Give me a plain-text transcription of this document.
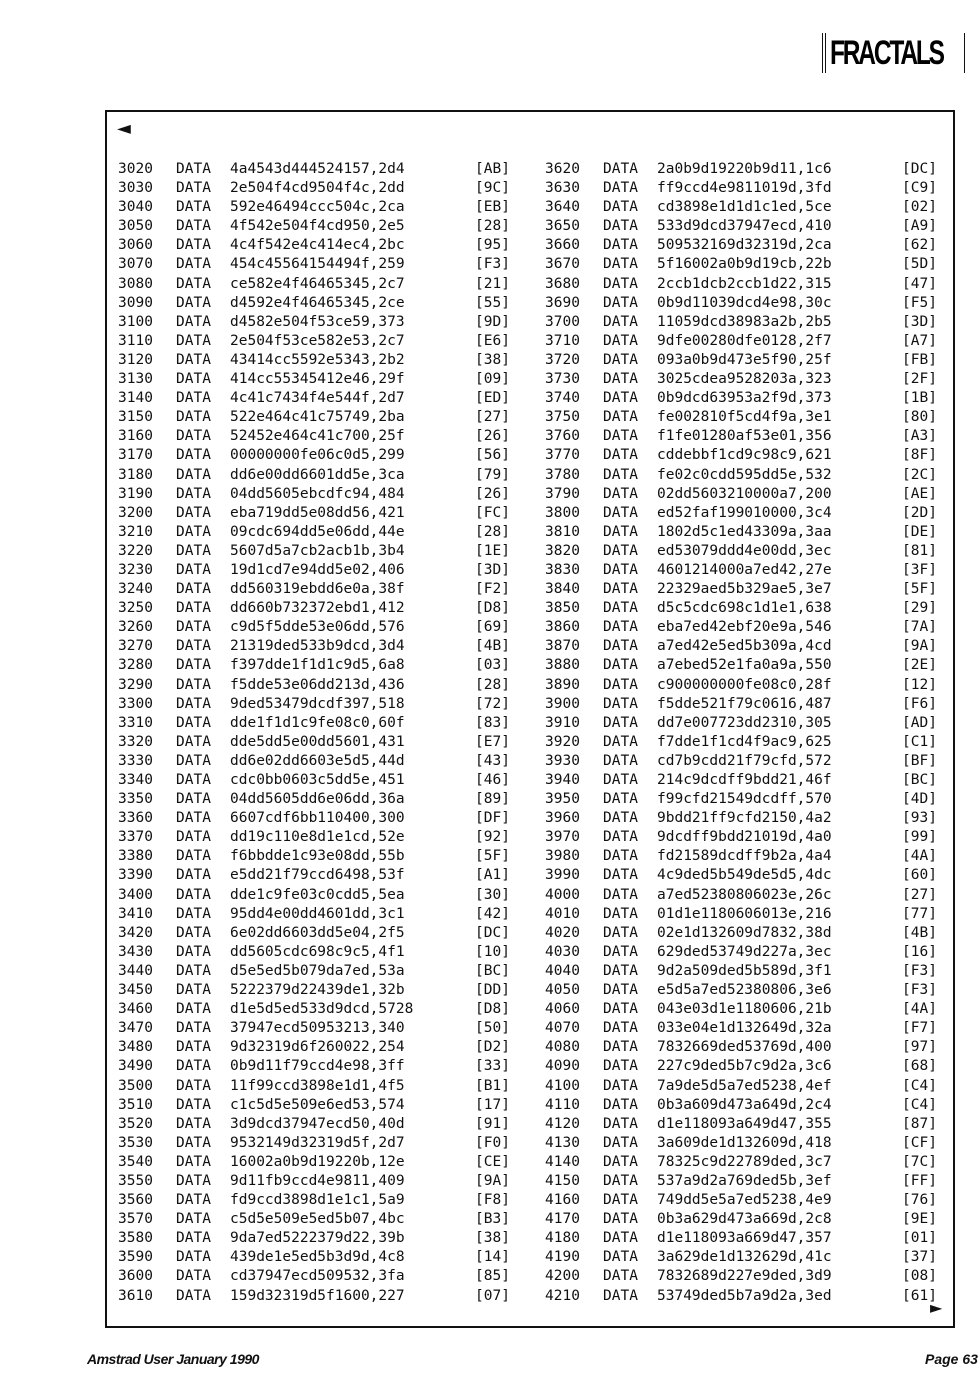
FRACTALS
◄
►
3020	DATA	4a4543d444524157,2d4	[AB]
3030	DATA	2e504f4cd9504f4c,2dd	[9C]
3040	DATA	592e46494ccc504c,2ca	[EB]
3050	DATA	4f542e504f4cd950,2e5	[28]
3060	DATA	4c4f542e4c414ec4,2bc	[95]
3070	DATA	454c45564154494f,259	[F3]
3080	DATA	ce582e4f46465345,2c7	[21]
3090	DATA	d4592e4f46465345,2ce	[55]
3100	DATA	d4582e504f53ce59,373	[9D]
3110	DATA	2e504f53ce582e53,2c7	[E6]
3120	DATA	43414cc5592e5343,2b2	[38]
3130	DATA	414cc55345412e46,29f	[09]
3140	DATA	4c41c7434f4e544f,2d7	[ED]
3150	DATA	522e464c41c75749,2ba	[27]
3160	DATA	52452e464c41c700,25f	[26]
3170	DATA	00000000fe06c0d5,299	[56]
3180	DATA	dd6e00dd6601dd5e,3ca	[79]
3190	DATA	04dd5605ebcdfc94,484	[26]
3200	DATA	eba719dd5e08dd56,421	[FC]
3210	DATA	09cdc694dd5e06dd,44e	[28]
3220	DATA	5607d5a7cb2acb1b,3b4	[1E]
3230	DATA	19d1cd7e94dd5e02,406	[3D]
3240	DATA	dd560319ebdd6e0a,38f	[F2]
3250	DATA	dd660b732372ebd1,412	[D8]
3260	DATA	c9d5f5dde53e06dd,576	[69]
3270	DATA	21319ded533b9dcd,3d4	[4B]
3280	DATA	f397dde1f1d1c9d5,6a8	[03]
3290	DATA	f5dde53e06dd213d,436	[28]
3300	DATA	9ded53479dcdf397,518	[72]
3310	DATA	dde1f1d1c9fe08c0,60f	[83]
3320	DATA	dde5dd5e00dd5601,431	[E7]
3330	DATA	dd6e02dd6603e5d5,44d	[43]
3340	DATA	cdc0bb0603c5dd5e,451	[46]
3350	DATA	04dd5605dd6e06dd,36a	[89]
3360	DATA	6607cdf6bb110400,300	[DF]
3370	DATA	dd19c110e8d1e1cd,52e	[92]
3380	DATA	f6bbdde1c93e08dd,55b	[5F]
3390	DATA	e5dd21f79ccd6498,53f	[A1]
3400	DATA	dde1c9fe03c0cdd5,5ea	[30]
3410	DATA	95dd4e00dd4601dd,3c1	[42]
3420	DATA	6e02dd6603dd5e04,2f5	[DC]
3430	DATA	dd5605cdc698c9c5,4f1	[10]
3440	DATA	d5e5ed5b079da7ed,53a	[BC]
3450	DATA	5222379d22439de1,32b	[DD]
3460	DATA	d1e5d5ed533d9dcd,5728	[D8]
3470	DATA	37947ecd50953213,340	[50]
3480	DATA	9d32319d6f260022,254	[D2]
3490	DATA	0b9d11f79ccd4e98,3ff	[33]
3500	DATA	11f99ccd3898e1d1,4f5	[B1]
3510	DATA	c1c5d5e509e6ed53,574	[17]
3520	DATA	3d9dcd37947ecd50,40d	[91]
3530	DATA	9532149d32319d5f,2d7	[F0]
3540	DATA	16002a0b9d19220b,12e	[CE]
3550	DATA	9d11fb9ccd4e9811,409	[9A]
3560	DATA	fd9ccd3898d1e1c1,5a9	[F8]
3570	DATA	c5d5e509e5ed5b07,4bc	[B3]
3580	DATA	9da7ed5222379d22,39b	[38]
3590	DATA	439de1e5ed5b3d9d,4c8	[14]
3600	DATA	cd37947ecd509532,3fa	[85]
3610	DATA	159d32319d5f1600,227	[07]
3620	DATA	2a0b9d19220b9d11,1c6	[DC]
3630	DATA	ff9ccd4e9811019d,3fd	[C9]
3640	DATA	cd3898e1d1d1c1ed,5ce	[02]
3650	DATA	533d9dcd37947ecd,410	[A9]
3660	DATA	509532169d32319d,2ca	[62]
3670	DATA	5f16002a0b9d19cb,22b	[5D]
3680	DATA	2ccb1dcb2ccb1d22,315	[47]
3690	DATA	0b9d11039dcd4e98,30c	[F5]
3700	DATA	11059dcd38983a2b,2b5	[3D]
3710	DATA	9dfe00280dfe0128,2f7	[A7]
3720	DATA	093a0b9d473e5f90,25f	[FB]
3730	DATA	3025cdea9528203a,323	[2F]
3740	DATA	0b9dcd63953a2f9d,373	[1B]
3750	DATA	fe002810f5cd4f9a,3e1	[80]
3760	DATA	f1fe01280af53e01,356	[A3]
3770	DATA	cddebbf1cd9c98c9,621	[8F]
3780	DATA	fe02c0cdd595dd5e,532	[2C]
3790	DATA	02dd5603210000a7,200	[AE]
3800	DATA	ed52faf199010000,3c4	[2D]
3810	DATA	1802d5c1ed43309a,3aa	[DE]
3820	DATA	ed53079ddd4e00dd,3ec	[81]
3830	DATA	4601214000a7ed42,27e	[3F]
3840	DATA	22329aed5b329ae5,3e7	[5F]
3850	DATA	d5c5cdc698c1d1e1,638	[29]
3860	DATA	eba7ed42ebf20e9a,546	[7A]
3870	DATA	a7ed42e5ed5b309a,4cd	[9A]
3880	DATA	a7ebed52e1fa0a9a,550	[2E]
3890	DATA	c900000000fe08c0,28f	[12]
3900	DATA	f5dde521f79c0616,487	[F6]
3910	DATA	dd7e007723dd2310,305	[AD]
3920	DATA	f7dde1f1cd4f9ac9,625	[C1]
3930	DATA	cd7b9cdd21f79cfd,572	[BF]
3940	DATA	214c9dcdff9bdd21,46f	[BC]
3950	DATA	f99cfd21549dcdff,570	[4D]
3960	DATA	9bdd21ff9cfd2150,4a2	[93]
3970	DATA	9dcdff9bdd21019d,4a0	[99]
3980	DATA	fd21589dcdff9b2a,4a4	[4A]
3990	DATA	4c9ded5b549de5d5,4dc	[60]
4000	DATA	a7ed52380806023e,26c	[27]
4010	DATA	01d1e1180606013e,216	[77]
4020	DATA	02e1d132609d7832,38d	[4B]
4030	DATA	629ded53749d227a,3ec	[16]
4040	DATA	9d2a509ded5b589d,3f1	[F3]
4050	DATA	e5d5a7ed52380806,3e6	[F3]
4060	DATA	043e03d1e1180606,21b	[4A]
4070	DATA	033e04e1d132649d,32a	[F7]
4080	DATA	7832669ded53769d,400	[97]
4090	DATA	227c9ded5b7c9d2a,3c6	[68]
4100	DATA	7a9de5d5a7ed5238,4ef	[C4]
4110	DATA	0b3a609d473a649d,2c4	[C4]
4120	DATA	d1e118093a649d47,355	[87]
4130	DATA	3a609de1d132609d,418	[CF]
4140	DATA	78325c9d22789ded,3c7	[7C]
4150	DATA	537a9d2a769ded5b,3ef	[FF]
4160	DATA	749dd5e5a7ed5238,4e9	[76]
4170	DATA	0b3a629d473a669d,2c8	[9E]
4180	DATA	d1e118093a669d47,357	[01]
4190	DATA	3a629de1d132629d,41c	[37]
4200	DATA	7832689d227e9ded,3d9	[08]
4210	DATA	53749ded5b7a9d2a,3ed	[61]
Amstrad User January 1990	Page 63
